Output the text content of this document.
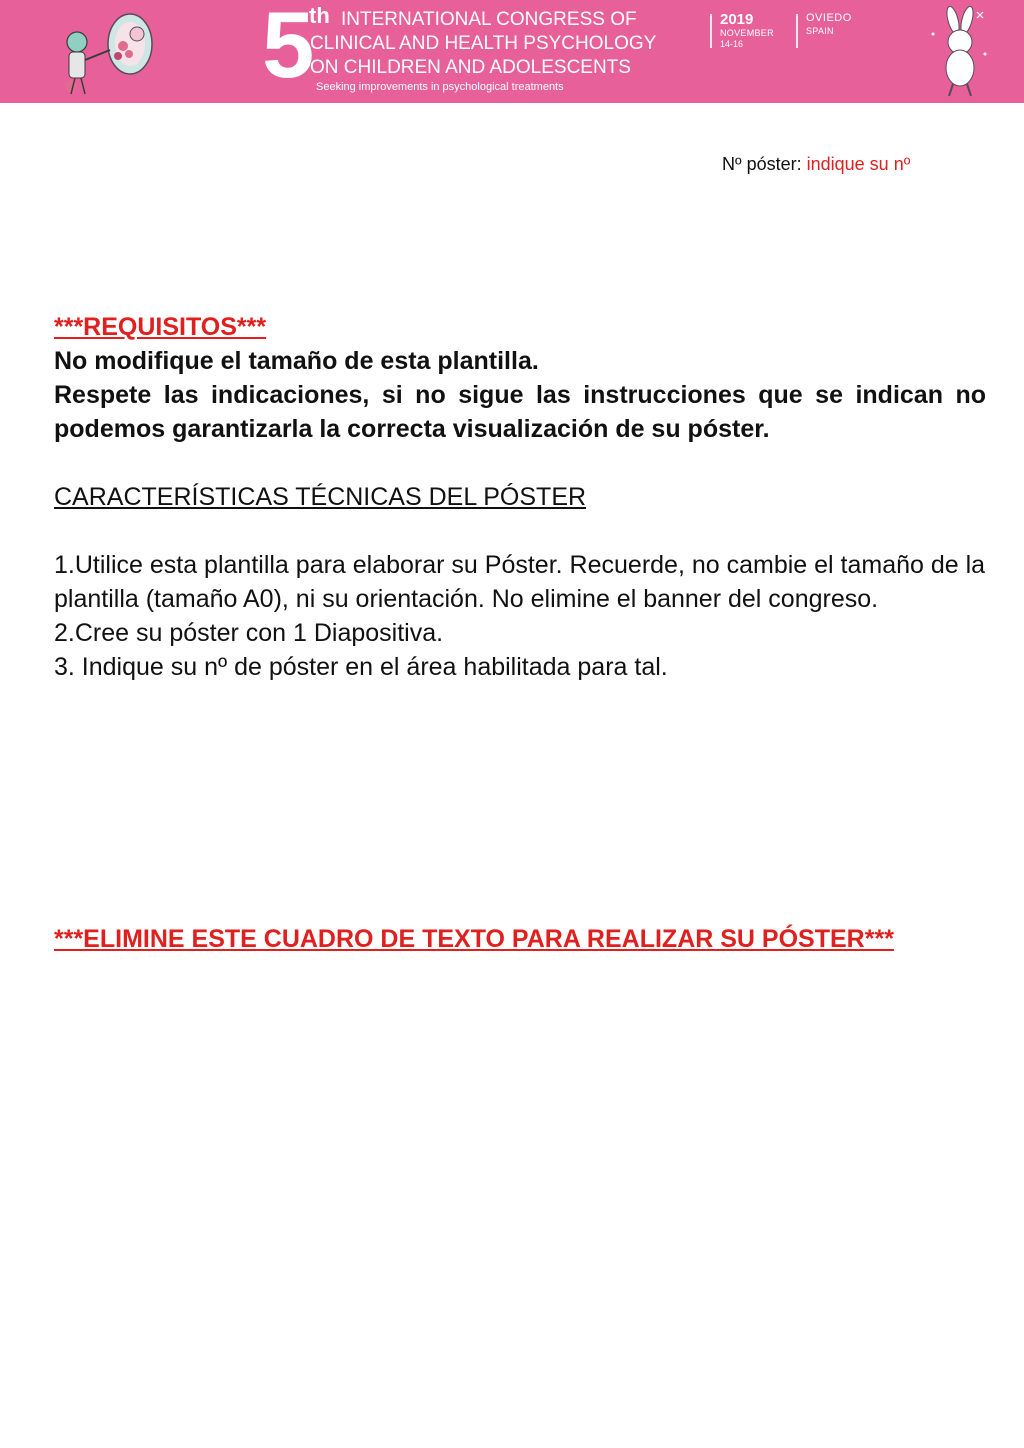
5
th INTERNATIONAL CONGRESS OF
CLINICAL AND HEALTH PSYCHOLOGY
ON CHILDREN AND ADOLESCENTS
Seeking improvements in psychological treatments
2019
NOVEMBER
14-16
OVIEDO
SPAIN
Nº póster: indique su nº

***REQUISITOS***

No modifique el tamaño de esta plantilla.

Respete las indicaciones, si no sigue las instrucciones que se indican no podemos garantizarla la correcta visualización de su póster.

CARACTERÍSTICAS TÉCNICAS DEL PÓSTER

1.Utilice esta plantilla para elaborar su Póster. Recuerde, no cambie el tamaño de la plantilla (tamaño A0), ni su orientación. No elimine el banner del congreso.

2.Cree su póster con 1 Diapositiva.

3. Indique su nº de póster en el área habilitada para tal.

***ELIMINE ESTE CUADRO DE TEXTO PARA REALIZAR SU PÓSTER***
